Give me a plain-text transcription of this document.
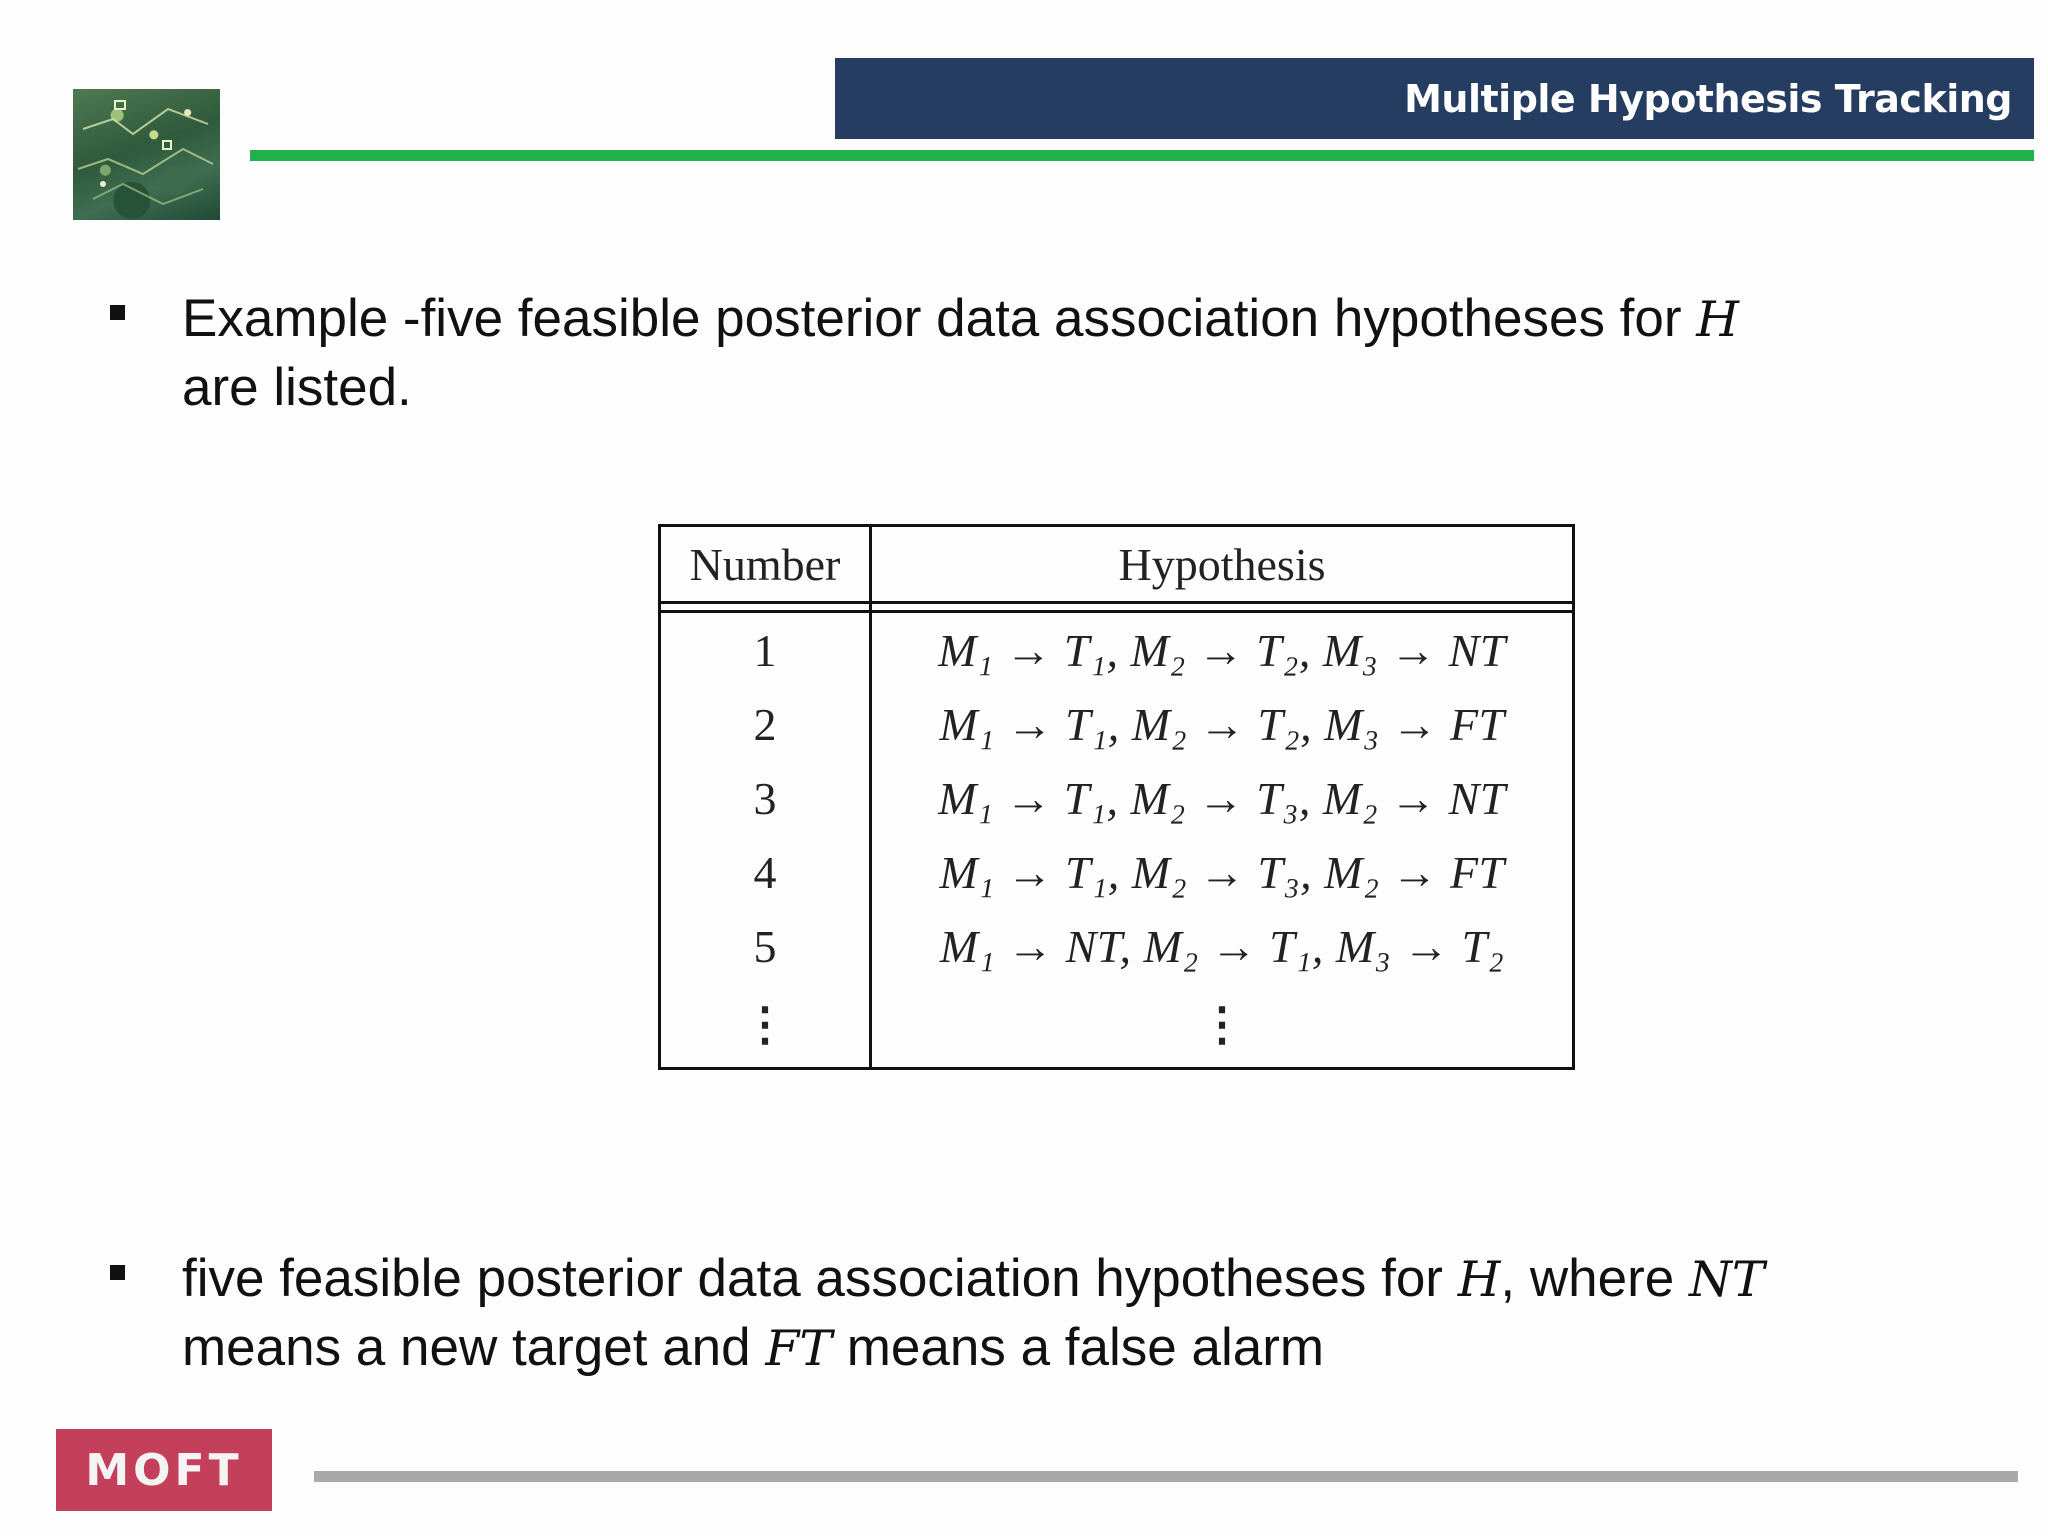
Multiple Hypothesis Tracking
Example -five feasible posterior data association hypotheses for H
are listed.
Number	Hypothesis

1	M₁ → T₁, M₂ → T₂, M₃ → NT
2	M₁ → T₁, M₂ → T₂, M₃ → FT
3	M₁ → T₁, M₂ → T₃, M₂ → NT
4	M₁ → T₁, M₂ → T₃, M₂ → FT
5	M₁ → NT, M₂ → T₁, M₃ → T₂
⋮	⋮
five feasible posterior data association hypotheses for H, where NT
means a new target and FT means a false alarm
MOFT
